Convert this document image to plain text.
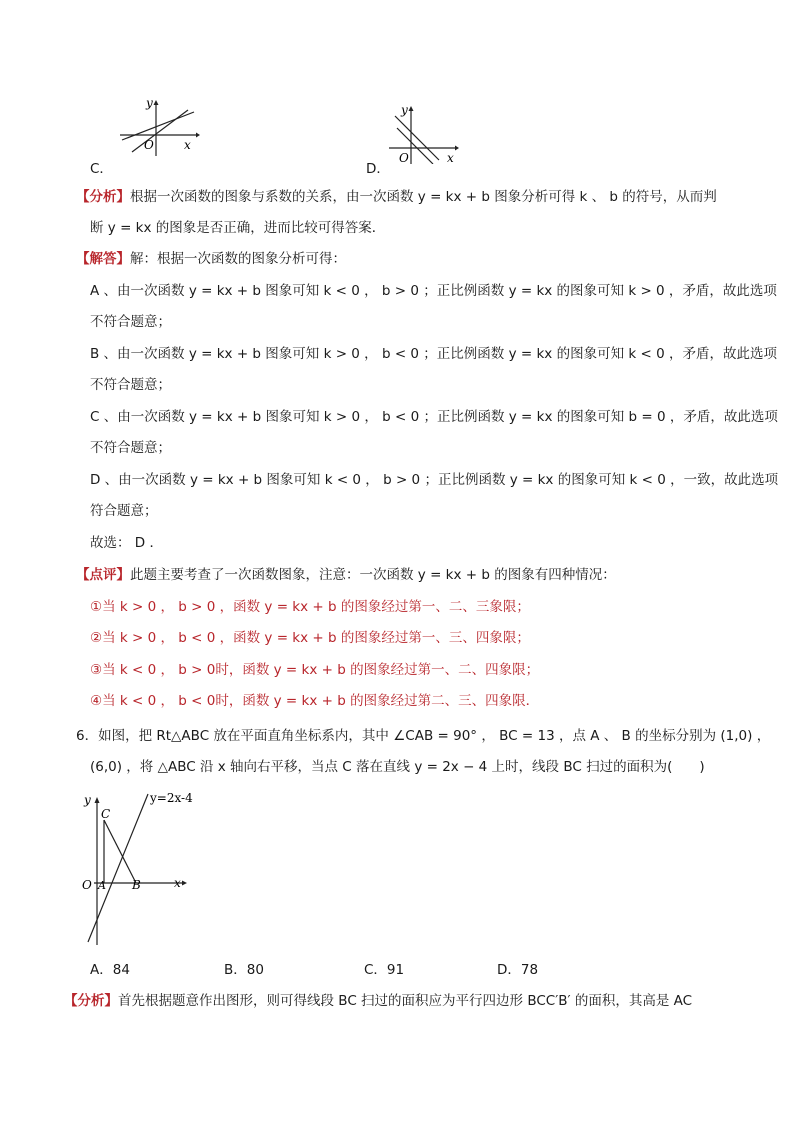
y
x
O
C．
y
x
O
D．
【分析】根据一次函数的图象与系数的关系，由一次函数 y = kx + b 图象分析可得 k 、 b 的符号，从而判
断 y = kx 的图象是否正确，进而比较可得答案．
【解答】解：根据一次函数的图象分析可得：
A 、由一次函数 y = kx + b 图象可知 k < 0 ， b > 0 ；正比例函数 y = kx 的图象可知 k > 0 ，矛盾，故此选项
不符合题意；
B 、由一次函数 y = kx + b 图象可知 k > 0 ， b < 0 ；正比例函数 y = kx 的图象可知 k < 0 ，矛盾，故此选项
不符合题意；
C 、由一次函数 y = kx + b 图象可知 k > 0 ， b < 0 ；正比例函数 y = kx 的图象可知 b = 0 ，矛盾，故此选项
不符合题意；
D 、由一次函数 y = kx + b 图象可知 k < 0 ， b > 0 ；正比例函数 y = kx 的图象可知 k < 0 ，一致，故此选项
符合题意；
故选： D ．
【点评】此题主要考查了一次函数图象，注意：一次函数 y = kx + b 的图象有四种情况：
①当 k > 0 ， b > 0 ，函数 y = kx + b 的图象经过第一、二、三象限；
②当 k > 0 ， b < 0 ，函数 y = kx + b 的图象经过第一、三、四象限；
③当 k < 0 ， b > 0时，函数 y = kx + b 的图象经过第一、二、四象限；
④当 k < 0 ， b < 0时，函数 y = kx + b 的图象经过第二、三、四象限．
6．如图，把 Rt△ABC 放在平面直角坐标系内，其中 ∠CAB = 90° ， BC = 13 ，点 A 、 B 的坐标分别为 (1,0) ，
(6,0) ，将 △ABC 沿 x 轴向右平移，当点 C 落在直线 y = 2x − 4 上时，线段 BC 扫过的面积为(　　)
y=2x-4
y
x
O A B
C
A．84	B．80	C．91	D．78
【分析】首先根据题意作出图形，则可得线段 BC 扫过的面积应为平行四边形 BCC′B′ 的面积，其高是 AC
